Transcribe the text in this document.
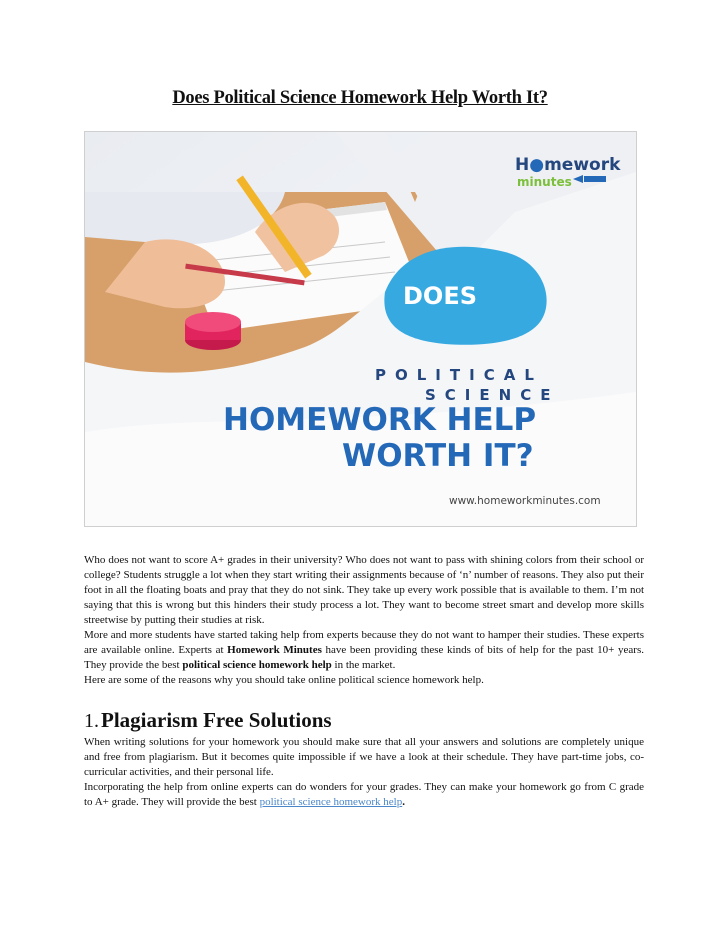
Does Political Science Homework Help Worth It?
H●mework
minutes
DOES
POLITICAL
SCIENCE
HOMEWORK HELP
WORTH IT?
www.homeworkminutes.com

Who does not want to score A+ grades in their university? Who does not want to pass with shining colors from their school or college? Students struggle a lot when they start writing their assignments because of ‘n’ number of reasons. They also put their foot in all the floating boats and pray that they do not sink. They take up every work possible that is available to them. I’m not saying that this is wrong but this hinders their study process a lot. They want to become street smart and develop more skills streetwise by putting their studies at risk.

More and more students have started taking help from experts because they do not want to hamper their studies. These experts are available online. Experts at Homework Minutes have been providing these kinds of bits of help for the past 10+ years. They provide the best political science homework help in the market.

Here are some of the reasons why you should take online political science homework help.

1.Plagiarism Free Solutions

When writing solutions for your homework you should make sure that all your answers and solutions are completely unique and free from plagiarism. But it becomes quite impossible if we have a look at their schedule. They have part-time jobs, co-curricular activities, and their personal life.

Incorporating the help from online experts can do wonders for your grades. They can make your homework go from C grade to A+ grade. They will provide the best political science homework help.
